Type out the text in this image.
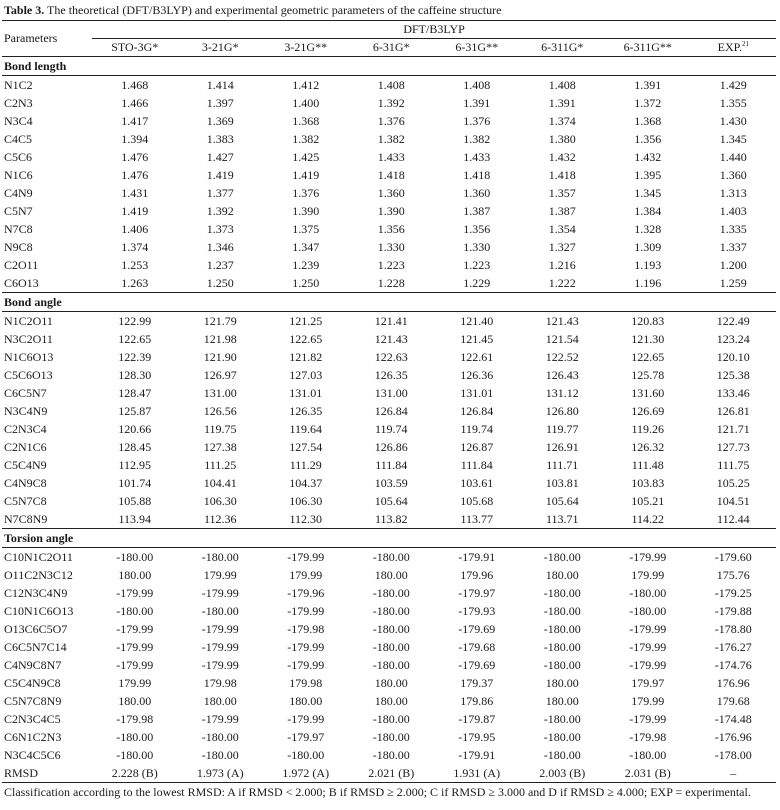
Table 3. The theoretical (DFT/B3LYP) and experimental geometric parameters of the caffeine structure
Parameters	DFT/B3LYP							
	STO-3G*	3-21G*	3-21G**	6-31G*	6-31G**	6-311G*	6-311G**	EXP.$^{21}$
Bond length								
N1C2	1.468	1.414	1.412	1.408	1.408	1.408	1.391	1.429
C2N3	1.466	1.397	1.400	1.392	1.391	1.391	1.372	1.355
N3C4	1.417	1.369	1.368	1.376	1.376	1.374	1.368	1.430
C4C5	1.394	1.383	1.382	1.382	1.382	1.380	1.356	1.345
C5C6	1.476	1.427	1.425	1.433	1.433	1.432	1.432	1.440
N1C6	1.476	1.419	1.419	1.418	1.418	1.418	1.395	1.360
C4N9	1.431	1.377	1.376	1.360	1.360	1.357	1.345	1.313
C5N7	1.419	1.392	1.390	1.390	1.387	1.387	1.384	1.403
N7C8	1.406	1.373	1.375	1.356	1.356	1.354	1.328	1.335
N9C8	1.374	1.346	1.347	1.330	1.330	1.327	1.309	1.337
C2O11	1.253	1.237	1.239	1.223	1.223	1.216	1.193	1.200
C6O13	1.263	1.250	1.250	1.228	1.229	1.222	1.196	1.259
Bond angle								
N1C2O11	122.99	121.79	121.25	121.41	121.40	121.43	120.83	122.49
N3C2O11	122.65	121.98	122.65	121.43	121.45	121.54	121.30	123.24
N1C6O13	122.39	121.90	121.82	122.63	122.61	122.52	122.65	120.10
C5C6O13	128.30	126.97	127.03	126.35	126.36	126.43	125.78	125.38
C6C5N7	128.47	131.00	131.01	131.00	131.01	131.12	131.60	133.46
N3C4N9	125.87	126.56	126.35	126.84	126.84	126.80	126.69	126.81
C2N3C4	120.66	119.75	119.64	119.74	119.74	119.77	119.26	121.71
C2N1C6	128.45	127.38	127.54	126.86	126.87	126.91	126.32	127.73
C5C4N9	112.95	111.25	111.29	111.84	111.84	111.71	111.48	111.75
C4N9C8	101.74	104.41	104.37	103.59	103.61	103.81	103.83	105.25
C5N7C8	105.88	106.30	106.30	105.64	105.68	105.64	105.21	104.51
N7C8N9	113.94	112.36	112.30	113.82	113.77	113.71	114.22	112.44
Torsion angle								
C10N1C2O11	-180.00	-180.00	-179.99	-180.00	-179.91	-180.00	-179.99	-179.60
O11C2N3C12	180.00	179.99	179.99	180.00	179.96	180.00	179.99	175.76
C12N3C4N9	-179.99	-179.99	-179.96	-180.00	-179.97	-180.00	-180.00	-179.25
C10N1C6O13	-180.00	-180.00	-179.99	-180.00	-179.93	-180.00	-180.00	-179.88
O13C6C5O7	-179.99	-179.99	-179.98	-180.00	-179.69	-180.00	-179.99	-178.80
C6C5N7C14	-179.99	-179.99	-179.99	-180.00	-179.68	-180.00	-179.99	-176.27
C4N9C8N7	-179.99	-179.99	-179.99	-180.00	-179.69	-180.00	-179.99	-174.76
C5C4N9C8	179.99	179.98	179.98	180.00	179.37	180.00	179.97	176.96
C5N7C8N9	180.00	180.00	180.00	180.00	179.86	180.00	179.99	179.68
C2N3C4C5	-179.98	-179.99	-179.99	-180.00	-179.87	-180.00	-179.99	-174.48
C6N1C2N3	-180.00	-180.00	-179.97	-180.00	-179.95	-180.00	-179.98	-176.96
N3C4C5C6	-180.00	-180.00	-180.00	-180.00	-179.91	-180.00	-180.00	-178.00
RMSD	2.228 (B)	1.973 (A)	1.972 (A)	2.021 (B)	1.931 (A)	2.003 (B)	2.031 (B)	–
Classification according to the lowest RMSD: A if RMSD < 2.000; B if RMSD ≥ 2.000; C if RMSD ≥ 3.000 and D if RMSD ≥ 4.000; EXP = experimental.
